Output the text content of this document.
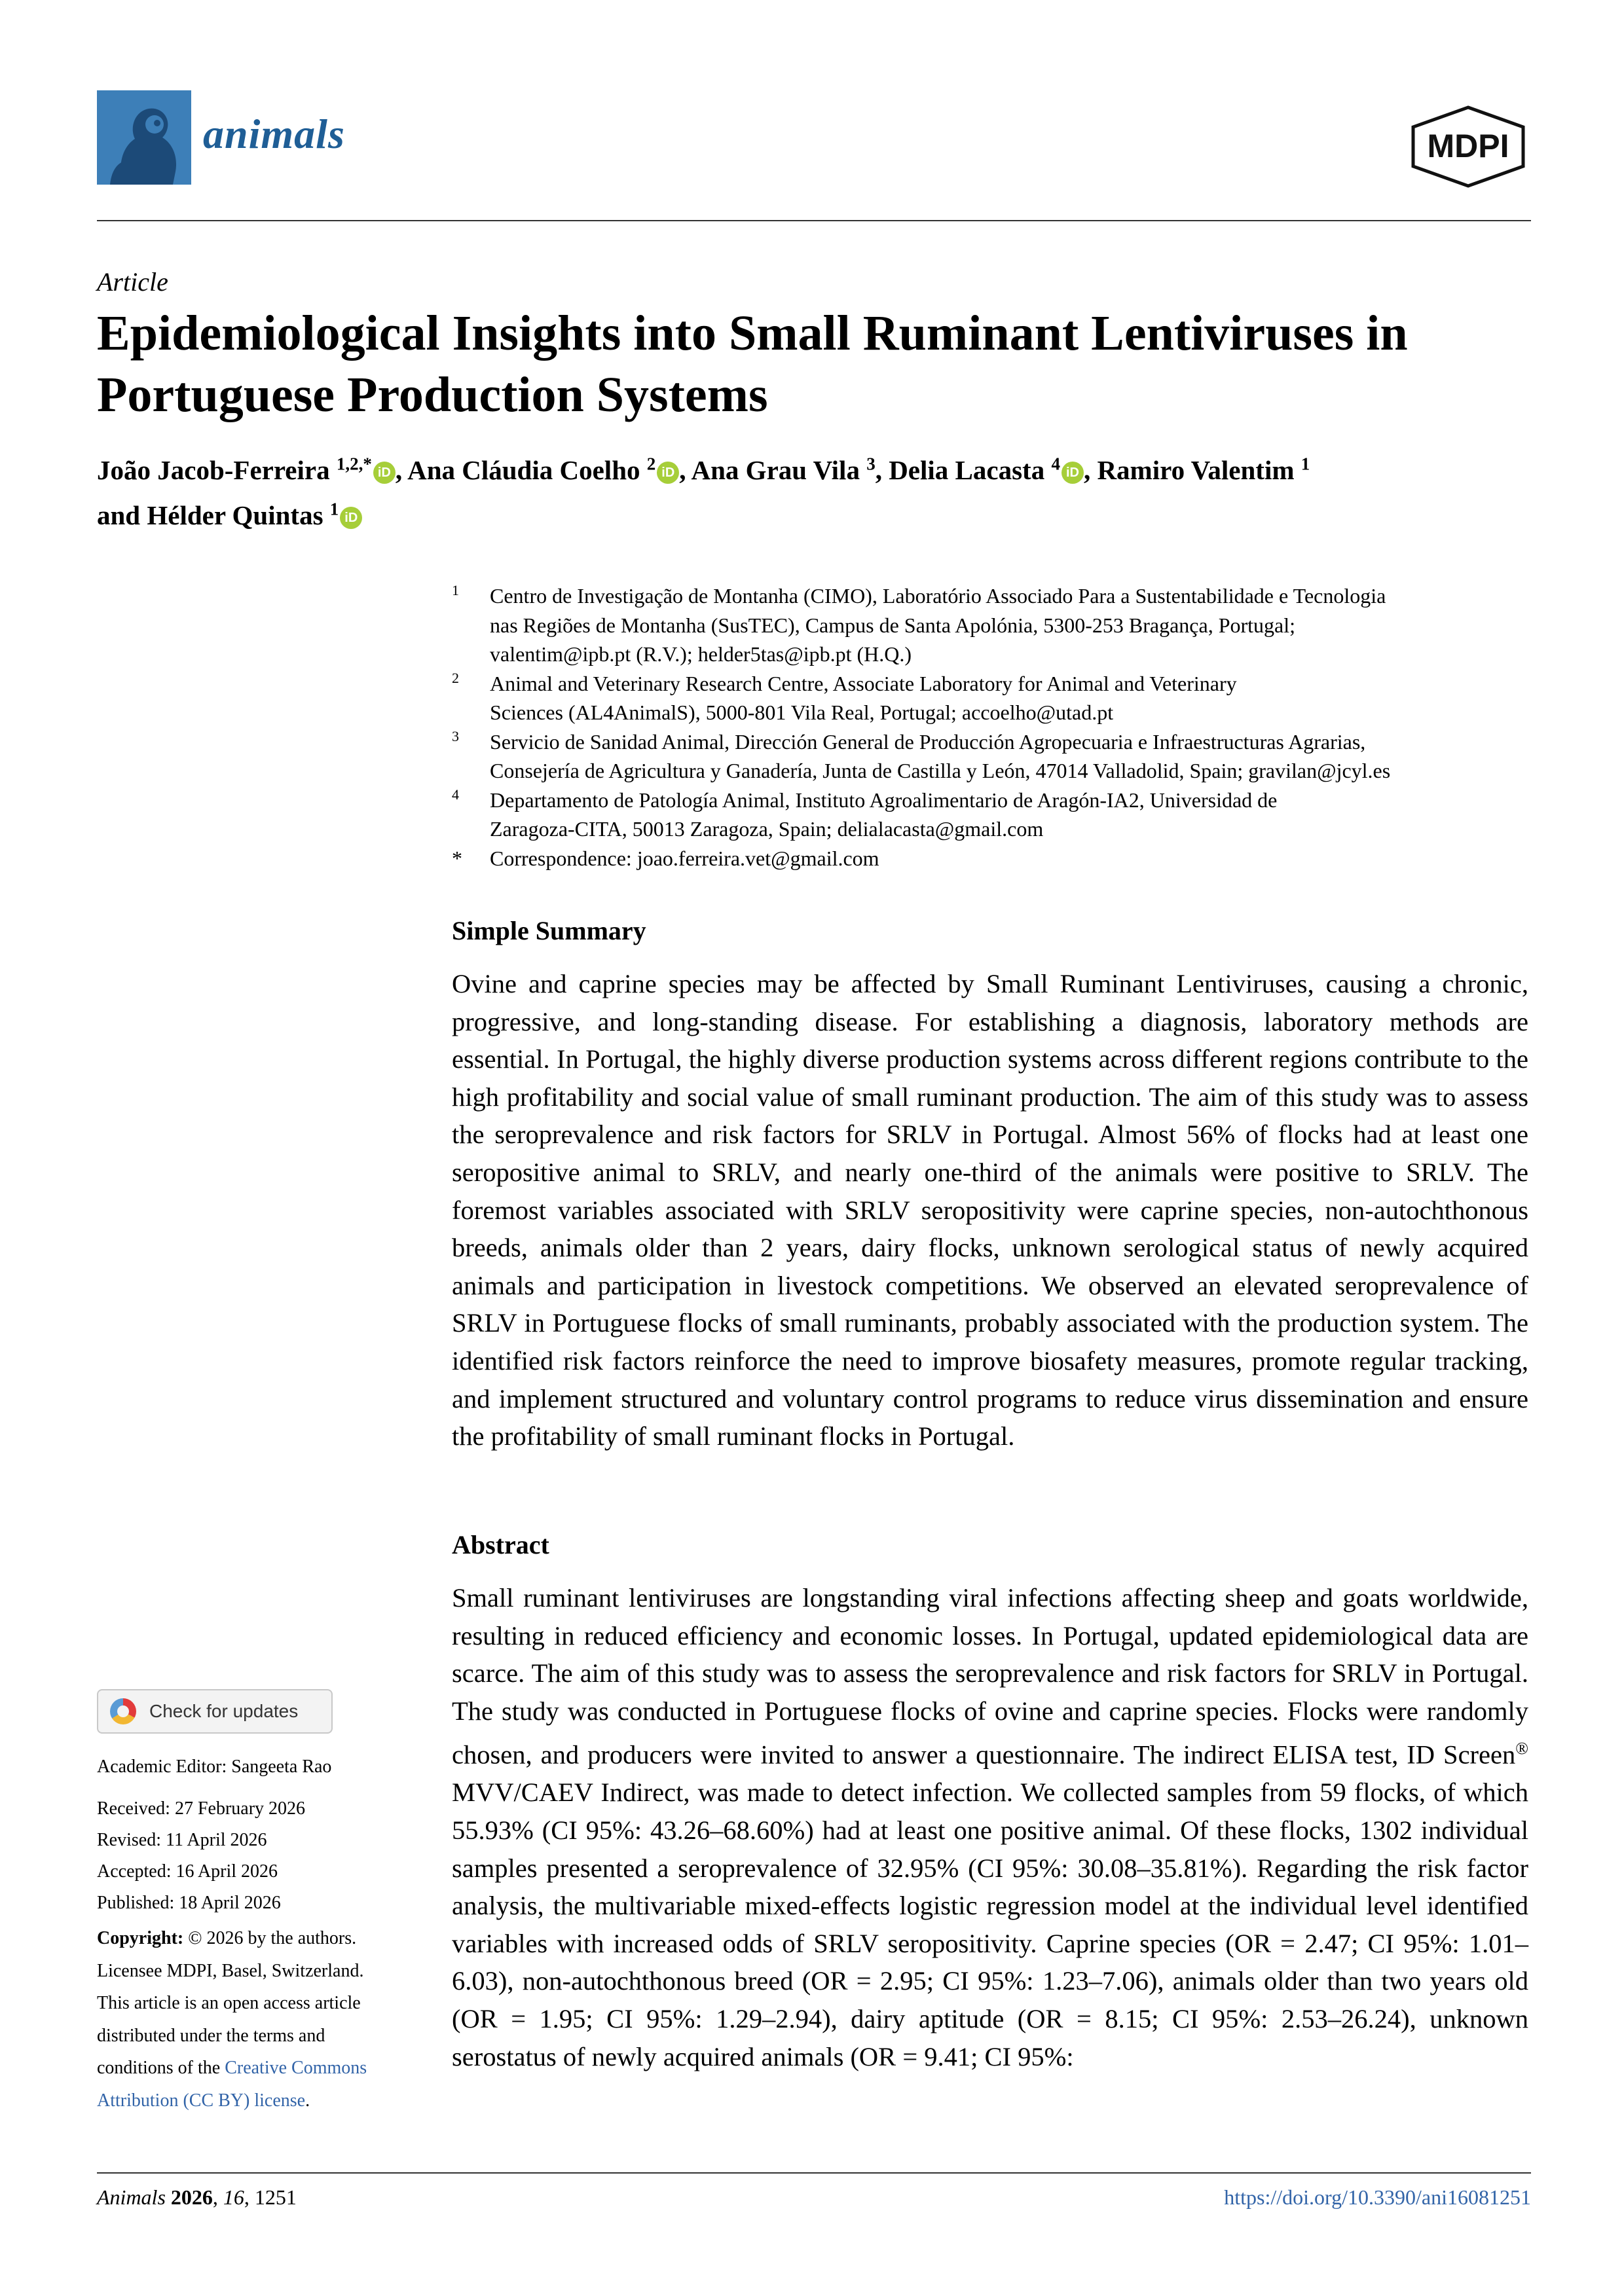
animals	MDPI
Article
Epidemiological Insights into Small Ruminant Lentiviruses in
Portuguese Production Systems
João Jacob-Ferreira $^{1,2,*}$ iD , Ana Cláudia Coelho $^2$ iD , Ana Grau Vila $^3$, Delia Lacasta $^4$ iD , Ramiro Valentim $^1$
and Hélder Quintas $^1$ iD
1 Centro de Investigação de Montanha (CIMO), Laboratório Associado Para a Sustentabilidade e Tecnologia
nas Regiões de Montanha (SusTEC), Campus de Santa Apolónia, 5300-253 Bragança, Portugal;
valentim@ipb.pt (R.V.); helder5tas@ipb.pt (H.Q.)
2 Animal and Veterinary Research Centre, Associate Laboratory for Animal and Veterinary
Sciences (AL4AnimalS), 5000-801 Vila Real, Portugal; accoelho@utad.pt
3 Servicio de Sanidad Animal, Dirección General de Producción Agropecuaria e Infraestructuras Agrarias,
Consejería de Agricultura y Ganadería, Junta de Castilla y León, 47014 Valladolid, Spain; gravilan@jcyl.es
4 Departamento de Patología Animal, Instituto Agroalimentario de Aragón-IA2, Universidad de
Zaragoza-CITA, 50013 Zaragoza, Spain; delialacasta@gmail.com
* Correspondence: joao.ferreira.vet@gmail.com
Simple Summary

Ovine and caprine species may be affected by Small Ruminant Lentiviruses, causing a chronic, progressive, and long-standing disease. For establishing a diagnosis, laboratory methods are essential. In Portugal, the highly diverse production systems across different regions contribute to the high profitability and social value of small ruminant production. The aim of this study was to assess the seroprevalence and risk factors for SRLV in Portugal. Almost 56% of flocks had at least one seropositive animal to SRLV, and nearly one-third of the animals were positive to SRLV. The foremost variables associated with SRLV seropositivity were caprine species, non-autochthonous breeds, animals older than 2 years, dairy flocks, unknown serological status of newly acquired animals and participation in livestock competitions. We observed an elevated seroprevalence of SRLV in Portuguese flocks of small ruminants, probably associated with the production system. The identified risk factors reinforce the need to improve biosafety measures, promote regular tracking, and implement structured and voluntary control programs to reduce virus dissemination and ensure the profitability of small ruminant flocks in Portugal.

Abstract

Small ruminant lentiviruses are longstanding viral infections affecting sheep and goats worldwide, resulting in reduced efficiency and economic losses. In Portugal, updated epidemiological data are scarce. The aim of this study was to assess the seroprevalence and risk factors for SRLV in Portugal. The study was conducted in Portuguese flocks of ovine and caprine species. Flocks were randomly chosen, and producers were invited to answer a questionnaire. The indirect ELISA test, ID Screen® MVV/CAEV Indirect, was made to detect infection. We collected samples from 59 flocks, of which 55.93% (CI 95%: 43.26–68.60%) had at least one positive animal. Of these flocks, 1302 individual samples presented a seroprevalence of 32.95% (CI 95%: 30.08–35.81%). Regarding the risk factor analysis, the multivariable mixed-effects logistic regression model at the individual level identified variables with increased odds of SRLV seropositivity. Caprine species (OR = 2.47; CI 95%: 1.01–6.03), non-autochthonous breed (OR = 2.95; CI 95%: 1.23–7.06), animals older than two years old (OR = 1.95; CI 95%: 1.29–2.94), dairy aptitude (OR = 8.15; CI 95%: 2.53–26.24), unknown serostatus of newly acquired animals (OR = 9.41; CI 95%:

Check for updates
Academic Editor: Sangeeta Rao
Received: 27 February 2026
Revised: 11 April 2026
Accepted: 16 April 2026
Published: 18 April 2026
Copyright: © 2026 by the authors.
Licensee MDPI, Basel, Switzerland.
This article is an open access article
distributed under the terms and
conditions of the Creative Commons
Attribution (CC BY) license.
Animals 2026, 16, 1251	https://doi.org/10.3390/ani16081251
